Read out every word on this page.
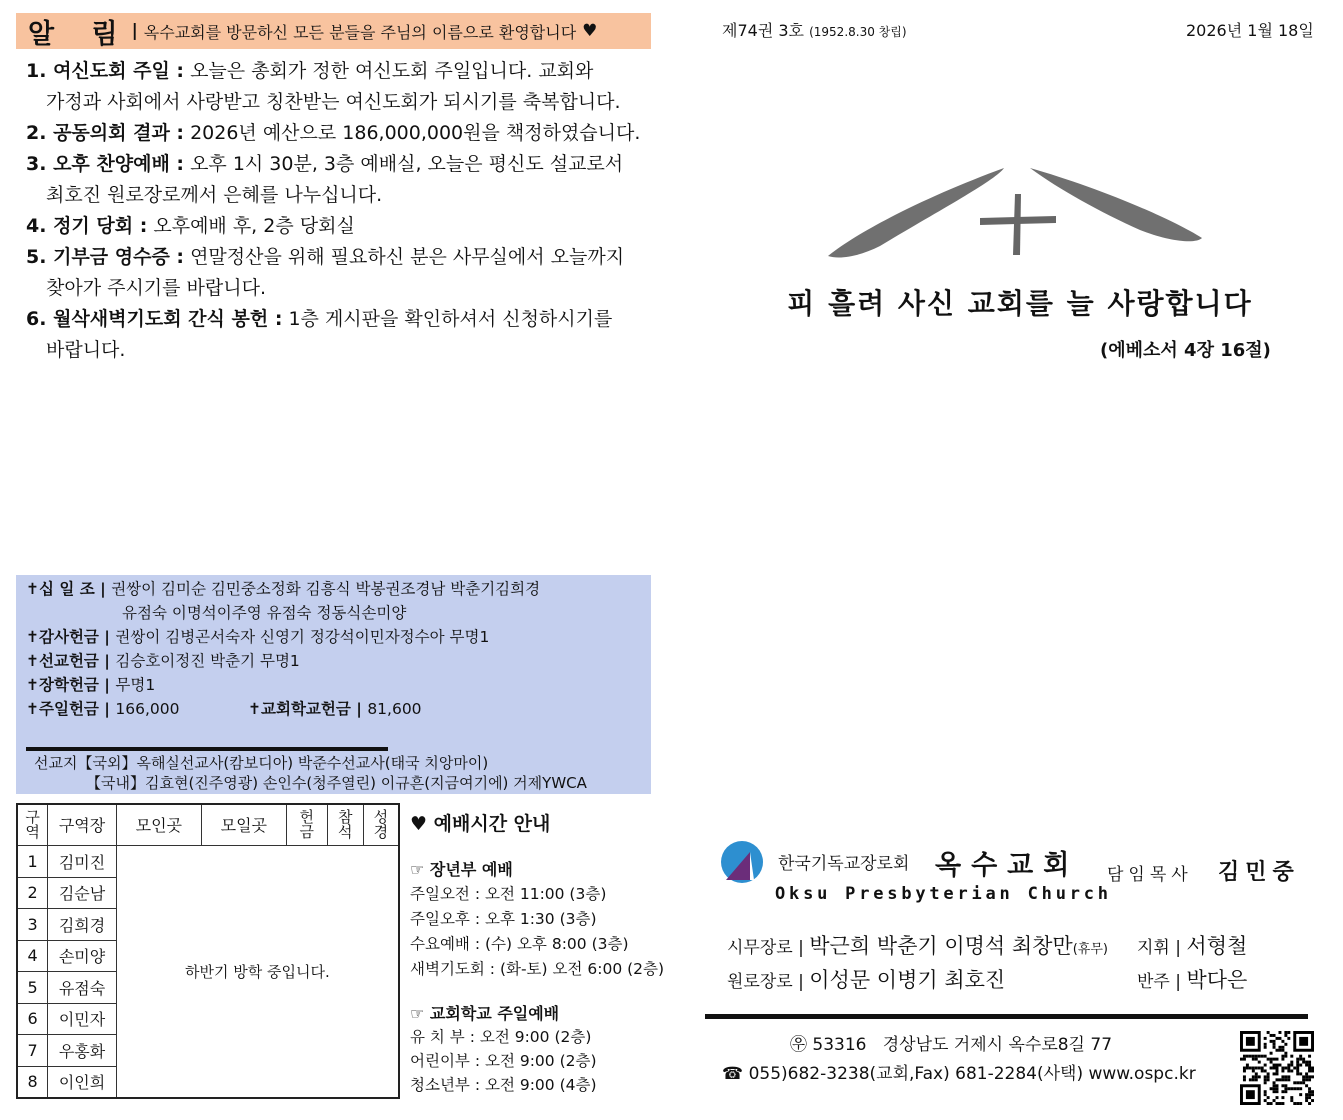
알 림 | 옥수교회를 방문하신 모든 분들을 주님의 이름으로 환영합니다 ♥
1. 여신도회 주일 : 오늘은 총회가 정한 여신도회 주일입니다. 교회와
가정과 사회에서 사랑받고 칭찬받는 여신도회가 되시기를 축복합니다.
2. 공동의회 결과 : 2026년 예산으로 186,000,000원을 책정하였습니다.
3. 오후 찬양예배 : 오후 1시 30분, 3층 예배실, 오늘은 평신도 설교로서
최호진 원로장로께서 은혜를 나누십니다.
4. 정기 당회 : 오후예배 후, 2층 당회실
5. 기부금 영수증 : 연말정산을 위해 필요하신 분은 사무실에서 오늘까지
찾아가 주시기를 바랍니다.
6. 월삭새벽기도회 간식 봉헌 : 1층 게시판을 확인하셔서 신청하시기를
바랍니다.
✝십 일 조 | 권쌍이 김미순 김민중소정화 김흥식 박봉권조경남 박춘기김희경
유점숙 이명석이주영 유점숙 정동식손미양
✝감사헌금 | 권쌍이 김병곤서숙자 신영기 정강석이민자정수아 무명1
✝선교헌금 | 김승호이정진 박춘기 무명1
✝장학헌금 | 무명1
✝주일헌금 | 166,000	✝교회학교헌금 | 81,600
선교지【국외】옥해실선교사(캄보디아) 박준수선교사(태국 치앙마이)
【국내】김효현(진주영광) 손인수(청주열린) 이규흔(지금여기에) 거제YWCA
구역	구역장	모인곳	모일곳	헌금	참석	성경
1	김미진	하반기 방학 중입니다.				
2	김순남					
3	김희경					
4	손미양					
5	유점숙					
6	이민자					
7	우홍화					
8	이인희					
♥ 예배시간 안내
☞ 장년부 예배
주일오전 : 오전 11:00 (3층)
주일오후 : 오후 1:30 (3층)
수요예배 : (수) 오후 8:00 (3층)
새벽기도회 : (화-토) 오전 6:00 (2층)
☞ 교회학교 주일예배
유 치 부 : 오전 9:00 (2층)
어린이부 : 오전 9:00 (2층)
청소년부 : 오전 9:00 (4층)
제74권 3호 (1952.8.30 창립)	2026년 1월 18일
피 흘려 사신 교회를 늘 사랑합니다
(에베소서 4장 16절)
한국기독교장로회 옥수교회
Oksu Presbyterian Church
담임목사 김민중
시무장로 | 박근희 박춘기 이명석 최창만(휴무) 지휘 | 서형철
원로장로 | 이성문 이병기 최호진	반주 | 박다은
㉾ 53316 경상남도 거제시 옥수로8길 77
☎ 055)682-3238(교회,Fax) 681-2284(사택) www.ospc.kr
